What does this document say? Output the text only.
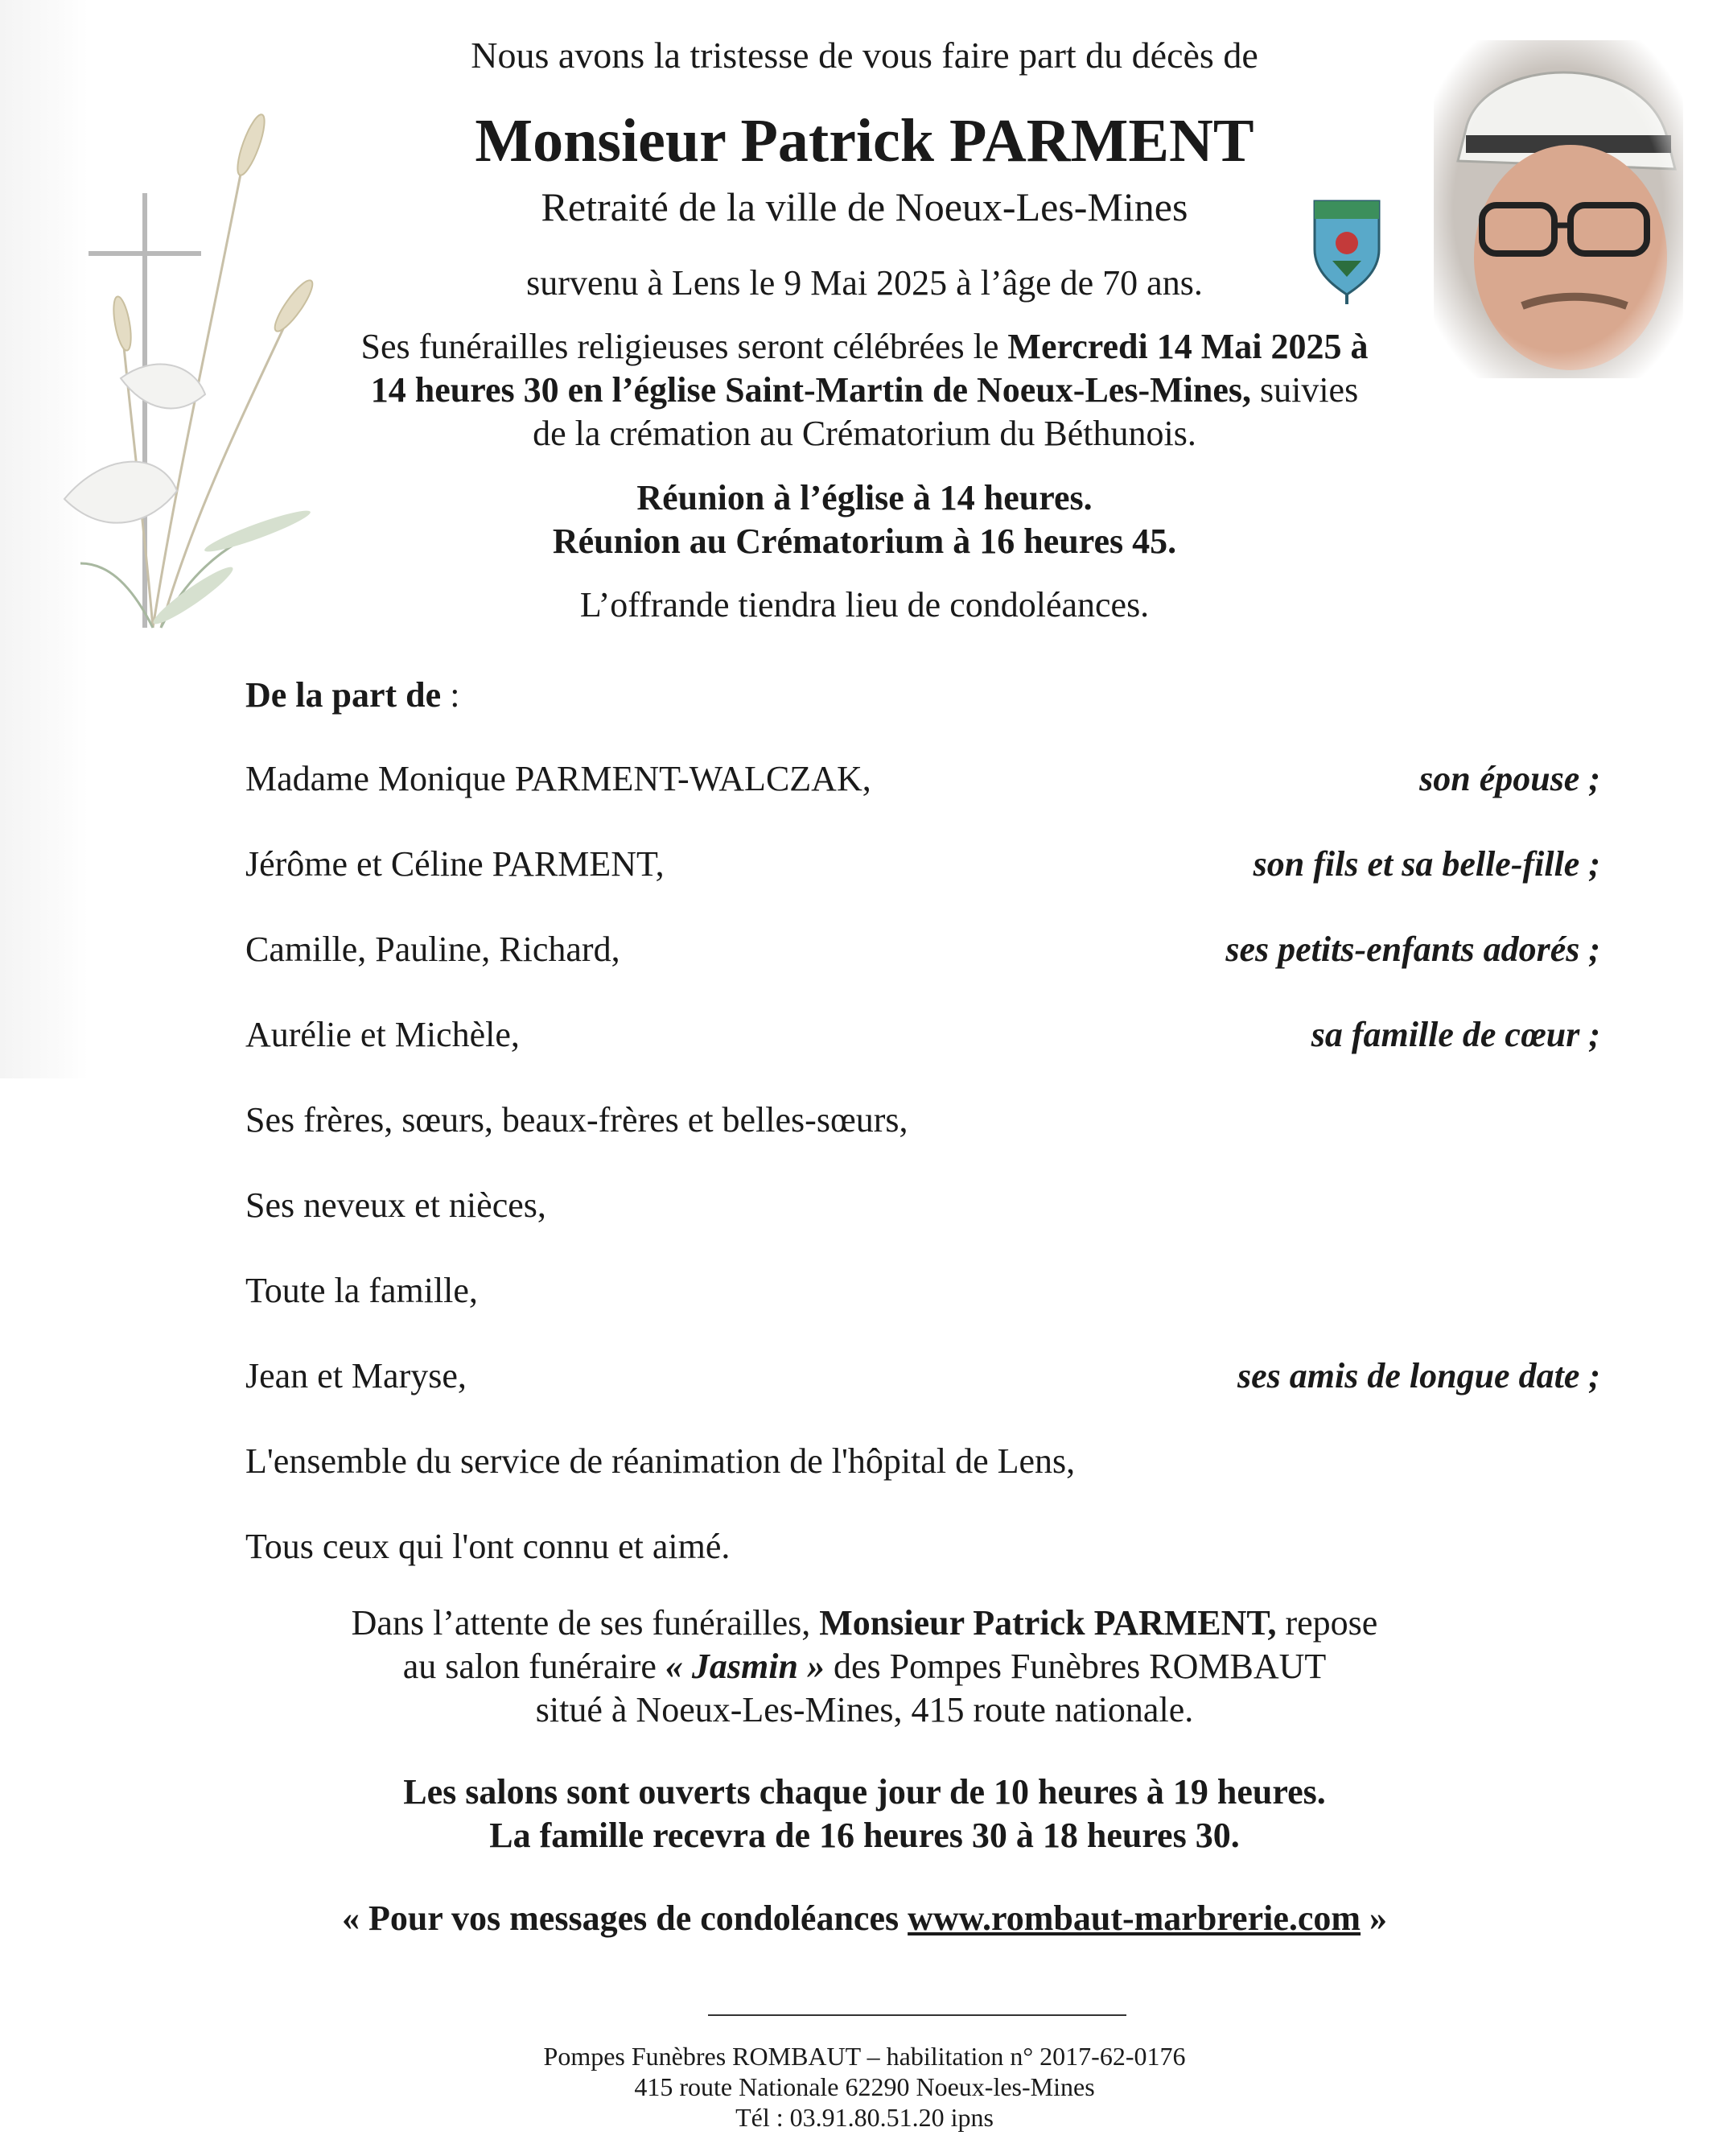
Nous avons la tristesse de vous faire part du décès de
Monsieur Patrick PARMENT
Retraité de la ville de Noeux-Les-Mines
survenu à Lens le 9 Mai 2025 à l’âge de 70 ans.
Ses funérailles religieuses seront célébrées le Mercredi 14 Mai 2025 à
14 heures 30 en l’église Saint-Martin de Noeux-Les-Mines, suivies
de la crémation au Crématorium du Béthunois.
Réunion à l’église à 14 heures.
Réunion au Crématorium à 16 heures 45.
L’offrande tiendra lieu de condoléances.
De la part de :
Madame Monique PARMENT-WALCZAK,	son épouse ;
Jérôme et Céline PARMENT,	son fils et sa belle-fille ;
Camille, Pauline, Richard,	ses petits-enfants adorés ;
Aurélie et Michèle,	sa famille de cœur ;
Ses frères, sœurs, beaux-frères et belles-sœurs,
Ses neveux et nièces,
Toute la famille,
Jean et Maryse,	ses amis de longue date ;
L'ensemble du service de réanimation de l'hôpital de Lens,
Tous ceux qui l'ont connu et aimé.
Dans l’attente de ses funérailles, Monsieur Patrick PARMENT, repose
au salon funéraire « Jasmin » des Pompes Funèbres ROMBAUT
situé à Noeux-Les-Mines, 415 route nationale.
Les salons sont ouverts chaque jour de 10 heures à 19 heures.
La famille recevra de 16 heures 30 à 18 heures 30.
« Pour vos messages de condoléances www.rombaut-marbrerie.com »
Pompes Funèbres ROMBAUT – habilitation n° 2017-62-0176
415 route Nationale 62290 Noeux-les-Mines
Tél : 03.91.80.51.20 ipns
